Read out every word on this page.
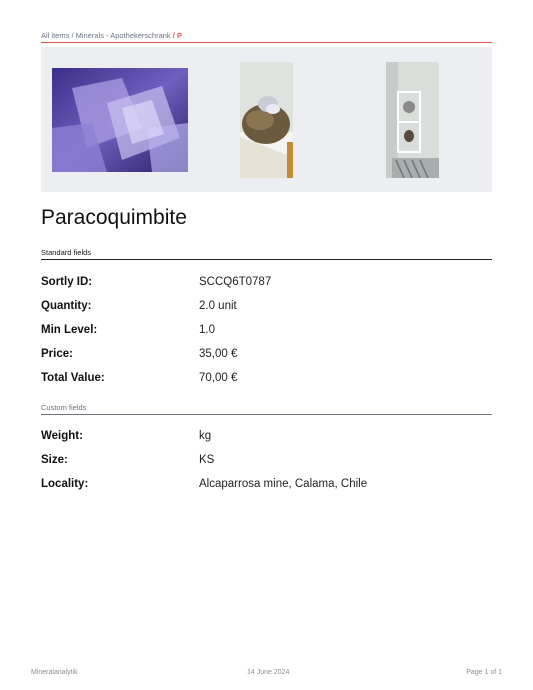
All items / Minerals - Apothekerschrank / P
Paracoquimbite
Standard fields
Sortly ID:	SCCQ6T0787
Quantity:	2.0 unit
Min Level:	1.0
Price:	35,00 €
Total Value:	70,00 €
Custom fields
Weight:	kg
Size:	KS
Locality:	Alcaparrosa mine, Calama, Chile
Mineralanalytik	14 June 2024	Page 1 of 1
